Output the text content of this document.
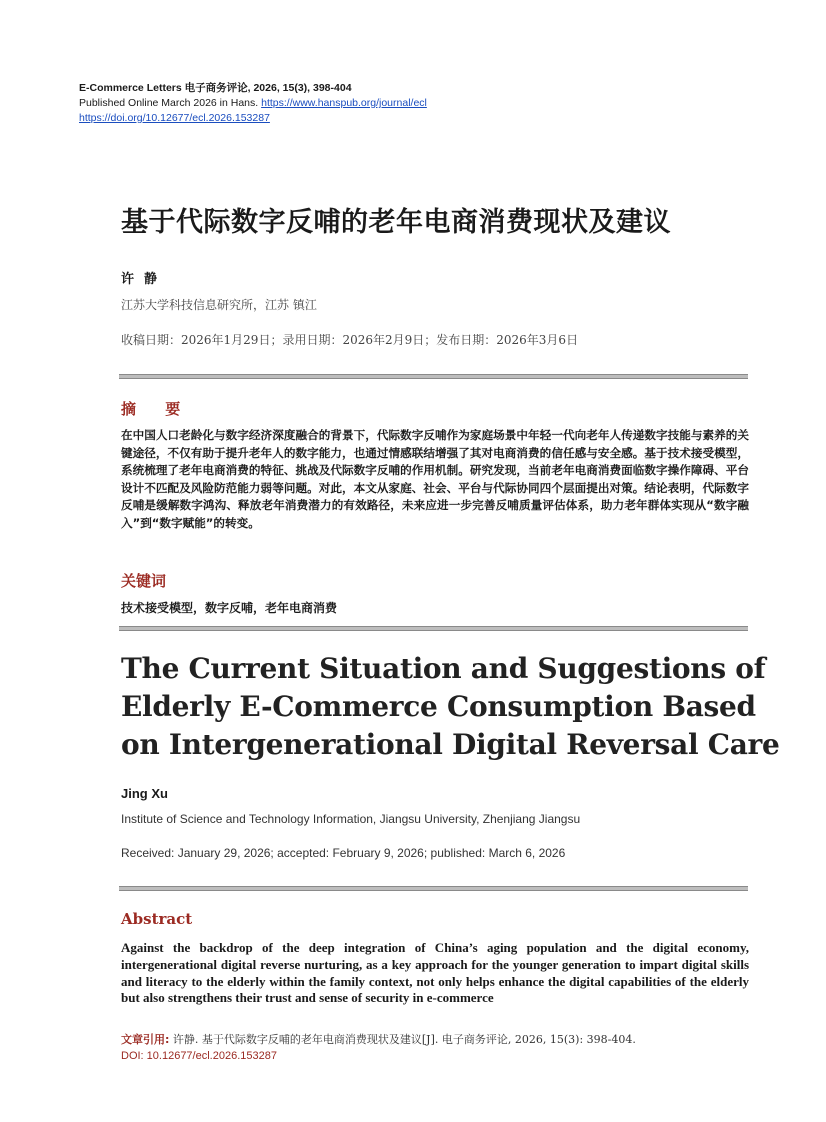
E-Commerce Letters 电子商务评论, 2026, 15(3), 398-404
Published Online March 2026 in Hans. https://www.hanspub.org/journal/ecl
https://doi.org/10.12677/ecl.2026.153287
基于代际数字反哺的老年电商消费现状及建议
许静
江苏大学科技信息研究所，江苏 镇江
收稿日期：2026年1月29日；录用日期：2026年2月9日；发布日期：2026年3月6日
摘 要
在中国人口老龄化与数字经济深度融合的背景下，代际数字反哺作为家庭场景中年轻一代向老年人传递数字技能与素养的关键途径，不仅有助于提升老年人的数字能力，也通过情感联结增强了其对电商消费的信任感与安全感。基于技术接受模型，系统梳理了老年电商消费的特征、挑战及代际数字反哺的作用机制。研究发现，当前老年电商消费面临数字操作障碍、平台设计不匹配及风险防范能力弱等问题。对此，本文从家庭、社会、平台与代际协同四个层面提出对策。结论表明，代际数字反哺是缓解数字鸿沟、释放老年消费潜力的有效路径，未来应进一步完善反哺质量评估体系，助力老年群体实现从“数字融入”到“数字赋能”的转变。
关键词
技术接受模型，数字反哺，老年电商消费
The Current Situation and Suggestions of Elderly E-Commerce Consumption Based on Intergenerational Digital Reversal Care
Jing Xu
Institute of Science and Technology Information, Jiangsu University, Zhenjiang Jiangsu
Received: January 29, 2026; accepted: February 9, 2026; published: March 6, 2026
Abstract
Against the backdrop of the deep integration of China’s aging population and the digital economy, intergenerational digital reverse nurturing, as a key approach for the younger generation to impart digital skills and literacy to the elderly within the family context, not only helps enhance the digital capabilities of the elderly but also strengthens their trust and sense of security in e-commerce
文章引用: 许静. 基于代际数字反哺的老年电商消费现状及建议[J]. 电子商务评论, 2026, 15(3): 398-404.
DOI: 10.12677/ecl.2026.153287
